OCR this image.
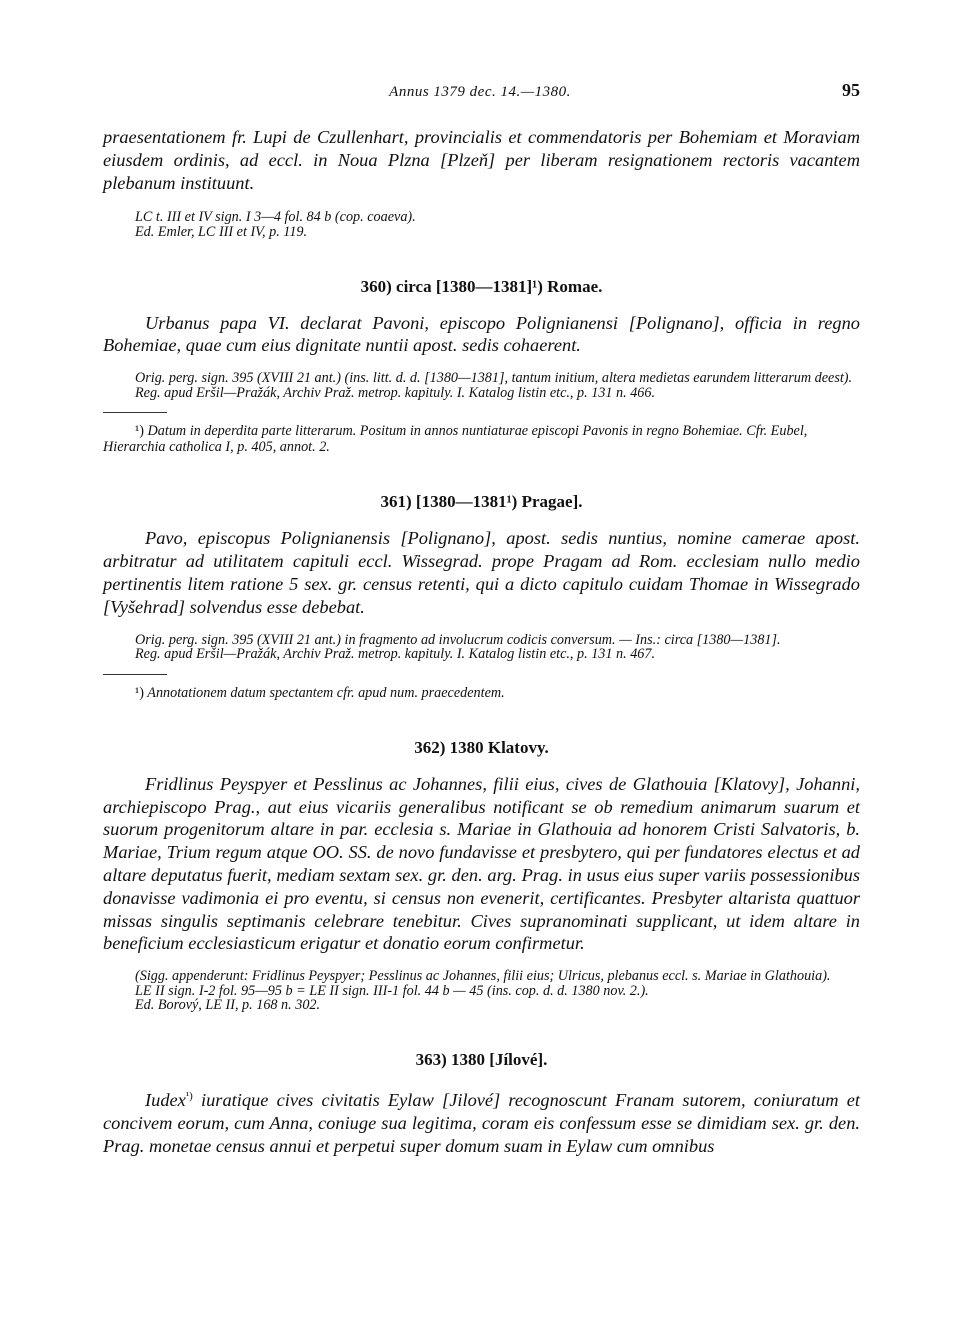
Annus 1379 dec. 14.—1380.	95

praesentationem fr. Lupi de Czullenhart, provincialis et commendatoris per Bohemiam et Moraviam eiusdem ordinis, ad eccl. in Noua Plzna [Plzeň] per liberam resignationem rectoris vacantem plebanum instituunt.

LC t. III et IV sign. I 3—4 fol. 84 b (cop. coaeva).

Ed. Emler, LC III et IV, p. 119.

360) circa [1380—1381]¹) Romae.

Urbanus papa VI. declarat Pavoni, episcopo Polignianensi [Polignano], officia in regno Bohemiae, quae cum eius dignitate nuntii apost. sedis cohaerent.

Orig. perg. sign. 395 (XVIII 21 ant.) (ins. litt. d. d. [1380—1381], tantum initium, altera medietas earundem litterarum deest).

Reg. apud Eršil—Pražák, Archiv Praž. metrop. kapituly. I. Katalog listin etc., p. 131 n. 466.

¹) Datum in deperdita parte litterarum. Positum in annos nuntiaturae episcopi Pavonis in regno Bohemiae. Cfr. Eubel, Hierarchia catholica I, p. 405, annot. 2.

361) [1380—1381¹) Pragae].

Pavo, episcopus Polignianensis [Polignano], apost. sedis nuntius, nomine camerae apost. arbitratur ad utilitatem capituli eccl. Wissegrad. prope Pragam ad Rom. ecclesiam nullo medio pertinentis litem ratione 5 sex. gr. census retenti, qui a dicto capitulo cuidam Thomae in Wissegrado [Vyšehrad] solvendus esse debebat.

Orig. perg. sign. 395 (XVIII 21 ant.) in fragmento ad involucrum codicis conversum. — Ins.: circa [1380—1381].

Reg. apud Eršil—Pražák, Archiv Praž. metrop. kapituly. I. Katalog listin etc., p. 131 n. 467.

¹) Annotationem datum spectantem cfr. apud num. praecedentem.

362) 1380 Klatovy.

Fridlinus Peyspyer et Pesslinus ac Johannes, filii eius, cives de Glathouia [Klatovy], Johanni, archiepiscopo Prag., aut eius vicariis generalibus notificant se ob remedium animarum suarum et suorum progenitorum altare in par. ecclesia s. Mariae in Glathouia ad honorem Cristi Salvatoris, b. Mariae, Trium regum atque OO. SS. de novo fundavisse et presbytero, qui per fundatores electus et ad altare deputatus fuerit, mediam sextam sex. gr. den. arg. Prag. in usus eius super variis possessionibus donavisse vadimonia ei pro eventu, si census non evenerit, certificantes. Presbyter altarista quattuor missas singulis septimanis celebrare tenebitur. Cives supranominati supplicant, ut idem altare in beneficium ecclesiasticum erigatur et donatio eorum confirmetur.

(Sigg. appenderunt: Fridlinus Peyspyer; Pesslinus ac Johannes, filii eius; Ulricus, plebanus eccl. s. Mariae in Glathouia).

LE II sign. I-2 fol. 95—95 b = LE II sign. III-1 fol. 44 b — 45 (ins. cop. d. d. 1380 nov. 2.).

Ed. Borový, LE II, p. 168 n. 302.

363) 1380 [Jílové].

Iudex$^{^1)}$ iuratique cives civitatis Eylaw [Jilové] recognoscunt Franam sutorem, coniuratum et concivem eorum, cum Anna, coniuge sua legitima, coram eis confessum esse se dimidiam sex. gr. den. Prag. monetae census annui et perpetui super domum suam in Eylaw cum omnibus
